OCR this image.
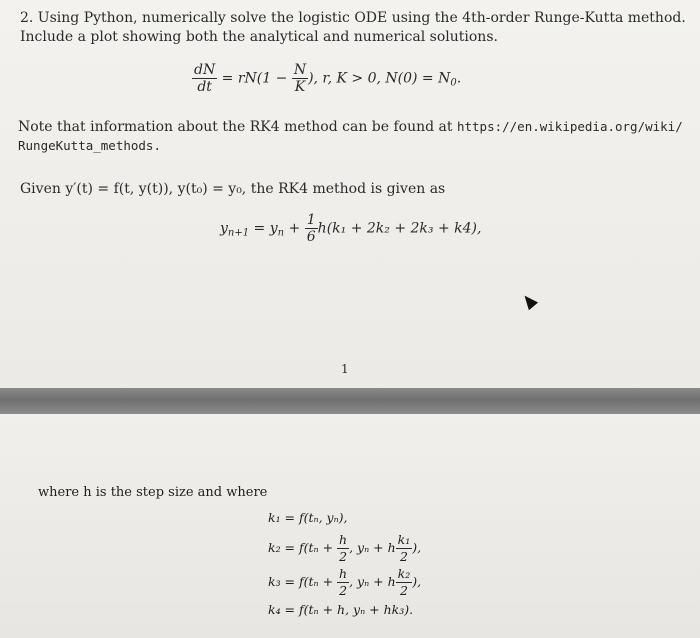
2. Using Python, numerically solve the logistic ODE using the 4th-order Runge-Kutta method.
Include a plot showing both the analytical and numerical solutions.
$\frac{dN}{dt} = rN(1 - \frac{N}{K}$ ), r, K > 0, $N(0) = N_0$.
Note that information about the RK4 method can be found at https://en.wikipedia.org/wiki/
RungeKutta_methods.
Given y′(t) = f(t, y(t)), y(t₀) = y₀, the RK4 method is given as
$y_{n+1} = y_n + \frac{1}{6} h(k_1 + 2k_2 + 2k_3 + k4)$,
1
where h is the step size and where
k₁ = f(tₙ, yₙ),
$k_2 = f(t_n + \frac{h}{2}$ , yₙ + h $\frac{\text{k₁}}{2}$ ),
$k_3 = f(t_n + \frac{h}{2}$ , yₙ + h $\frac{\text{k₂}}{2}$ ),
k₄ = f(tₙ + h, yₙ + hk₃).
